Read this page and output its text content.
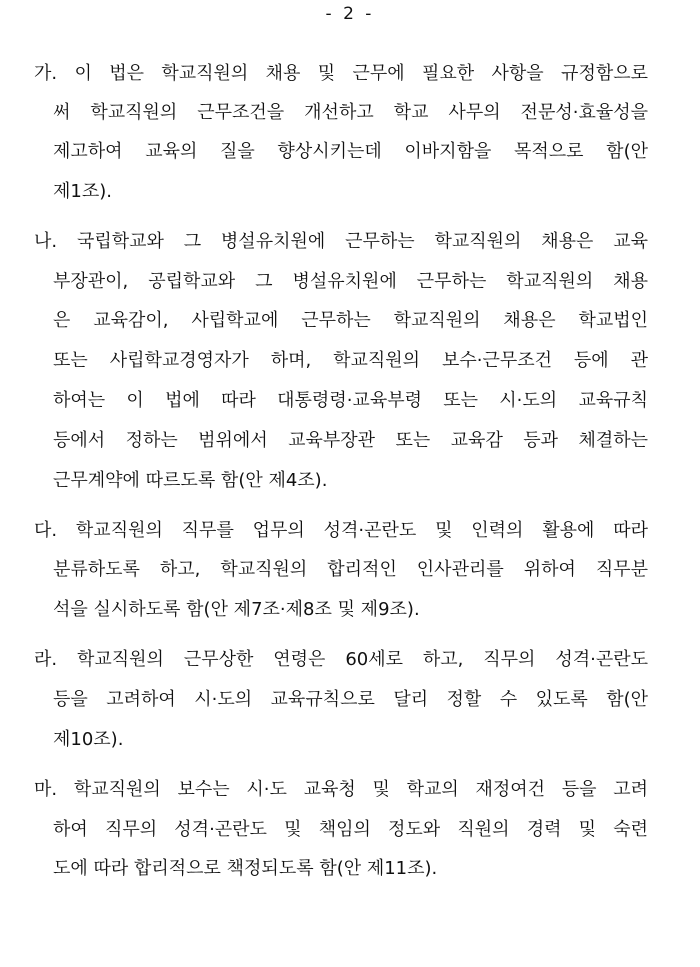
- 2 -
가. 이 법은 학교직원의 채용 및 근무에 필요한 사항을 규정함으로
써 학교직원의 근무조건을 개선하고 학교 사무의 전문성·효율성을
제고하여 교육의 질을 향상시키는데 이바지함을 목적으로 함(안
제1조).
나. 국립학교와 그 병설유치원에 근무하는 학교직원의 채용은 교육
부장관이, 공립학교와 그 병설유치원에 근무하는 학교직원의 채용
은 교육감이, 사립학교에 근무하는 학교직원의 채용은 학교법인
또는 사립학교경영자가 하며, 학교직원의 보수·근무조건 등에 관
하여는 이 법에 따라 대통령령·교육부령 또는 시·도의 교육규칙
등에서 정하는 범위에서 교육부장관 또는 교육감 등과 체결하는
근무계약에 따르도록 함(안 제4조).
다. 학교직원의 직무를 업무의 성격·곤란도 및 인력의 활용에 따라
분류하도록 하고, 학교직원의 합리적인 인사관리를 위하여 직무분
석을 실시하도록 함(안 제7조·제8조 및 제9조).
라. 학교직원의 근무상한 연령은 60세로 하고, 직무의 성격·곤란도
등을 고려하여 시·도의 교육규칙으로 달리 정할 수 있도록 함(안
제10조).
마. 학교직원의 보수는 시·도 교육청 및 학교의 재정여건 등을 고려
하여 직무의 성격·곤란도 및 책임의 정도와 직원의 경력 및 숙련
도에 따라 합리적으로 책정되도록 함(안 제11조).
